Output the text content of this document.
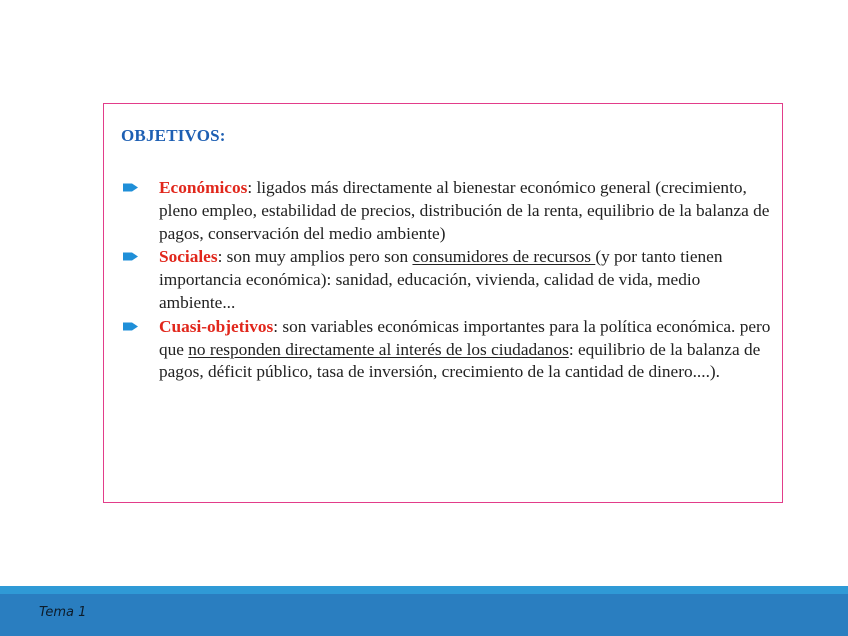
OBJETIVOS:
Económicos: ligados más directamente al bienestar económico general (crecimiento, pleno empleo, estabilidad de precios, distribución de la renta, equilibrio de la balanza de pagos, conservación del medio ambiente)
Sociales: son muy amplios pero son consumidores de recursos (y por tanto tienen importancia económica): sanidad, educación, vivienda, calidad de vida, medio ambiente...
Cuasi-objetivos: son variables económicas importantes para la política económica. pero que no responden directamente al interés de los ciudadanos: equilibrio de la balanza de pagos, déficit público, tasa de inversión, crecimiento de la cantidad de dinero....).
Tema 1
